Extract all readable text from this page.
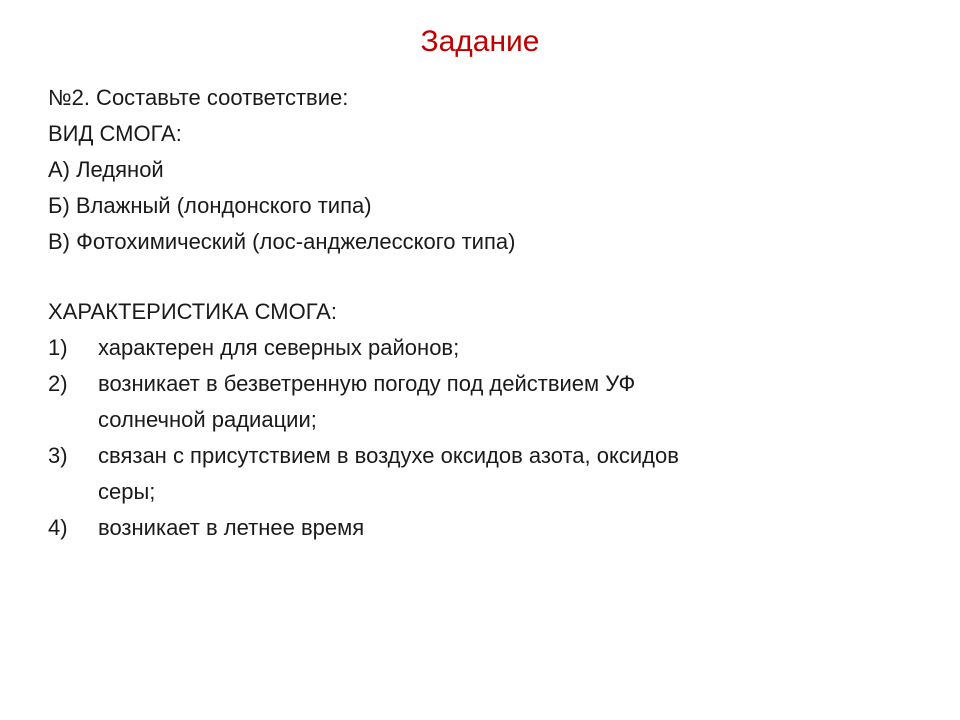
Задание
№2. Составьте соответствие:
ВИД СМОГА:
А) Ледяной
Б) Влажный (лондонского типа)
В) Фотохимический (лос-анджелесского типа)
ХАРАКТЕРИСТИКА СМОГА:
1)	характерен для северных районов;
2)	возникает в безветренную погоду под действием УФ
солнечной радиации;
3)	связан с присутствием в воздухе оксидов азота, оксидов
серы;
4)	возникает в летнее время
